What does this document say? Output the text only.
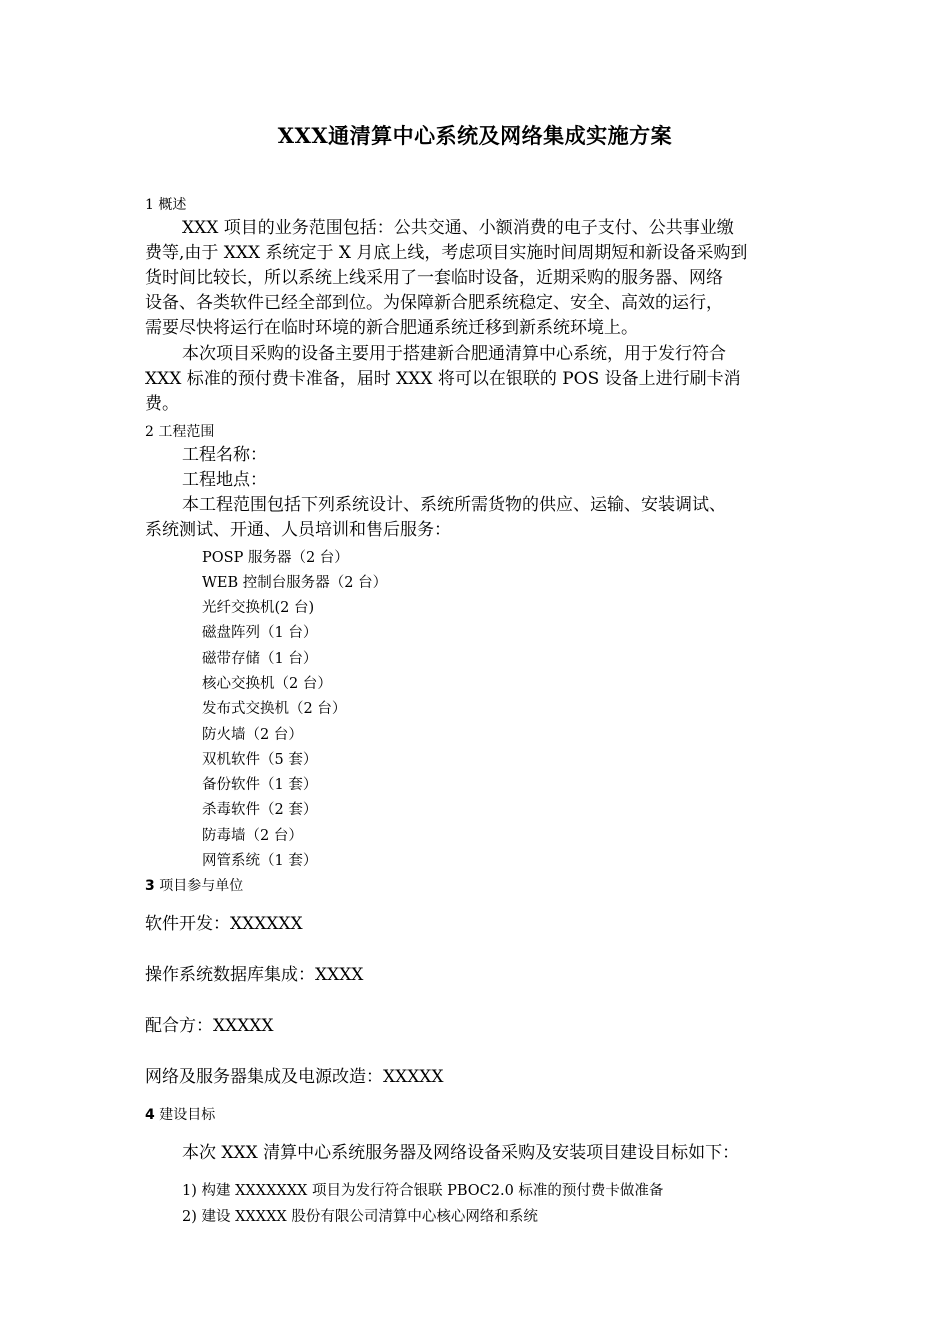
XXX通清算中心系统及网络集成实施方案
1 概述
XXX 项目的业务范围包括：公共交通、小额消费的电子支付、公共事业缴
费等,由于 XXX 系统定于 X 月底上线，考虑项目实施时间周期短和新设备采购到
货时间比较长，所以系统上线采用了一套临时设备，近期采购的服务器、网络
设备、各类软件已经全部到位。为保障新合肥系统稳定、安全、高效的运行，
需要尽快将运行在临时环境的新合肥通系统迁移到新系统环境上。
本次项目采购的设备主要用于搭建新合肥通清算中心系统，用于发行符合
XXX 标准的预付费卡准备，届时 XXX 将可以在银联的 POS 设备上进行刷卡消
费。
2 工程范围
工程名称：
工程地点：
本工程范围包括下列系统设计、系统所需货物的供应、运输、安装调试、
系统测试、开通、人员培训和售后服务：
POSP 服务器（2 台）
WEB 控制台服务器（2 台）
光纤交换机(2 台)
磁盘阵列（1 台）
磁带存储（1 台）
核心交换机（2 台）
发布式交换机（2 台）
防火墙（2 台）
双机软件（5 套）
备份软件（1 套）
杀毒软件（2 套）
防毒墙（2 台）
网管系统（1 套）
3 项目参与单位
软件开发：XXXXXX
操作系统数据库集成：XXXX
配合方：XXXXX
网络及服务器集成及电源改造：XXXXX
4 建设目标
本次 XXX 清算中心系统服务器及网络设备采购及安装项目建设目标如下：
1) 构建 XXXXXXX 项目为发行符合银联 PBOC2.0 标准的预付费卡做准备
2) 建设 XXXXX 股份有限公司清算中心核心网络和系统
